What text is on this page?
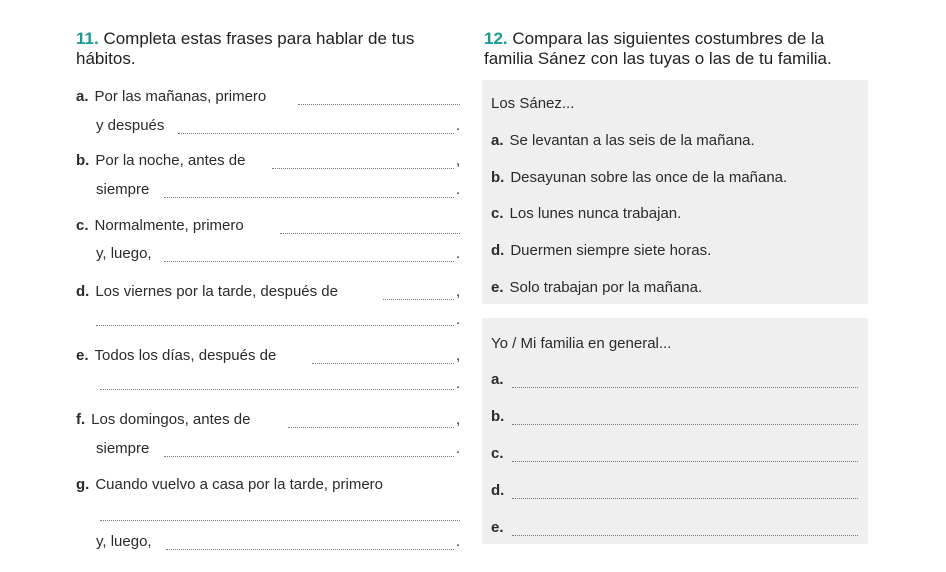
11. Completa estas frases para hablar de tus
hábitos.
a. Por las mañanas, primero
y después	.
b. Por la noche, antes de	,
siempre	.
c. Normalmente, primero
y, luego,	.
d. Los viernes por la tarde, después de	,
.
e. Todos los días, después de	,
.
f. Los domingos, antes de	,
siempre	.
g. Cuando vuelvo a casa por la tarde, primero
y, luego,	.
12. Compara las siguientes costumbres de la
familia Sánez con las tuyas o las de tu familia.
Los Sánez...
a. Se levantan a las seis de la mañana.
b. Desayunan sobre las once de la mañana.
c. Los lunes nunca trabajan.
d. Duermen siempre siete horas.
e. Solo trabajan por la mañana.
Yo / Mi familia en general...
a.
b.
c.
d.
e.
